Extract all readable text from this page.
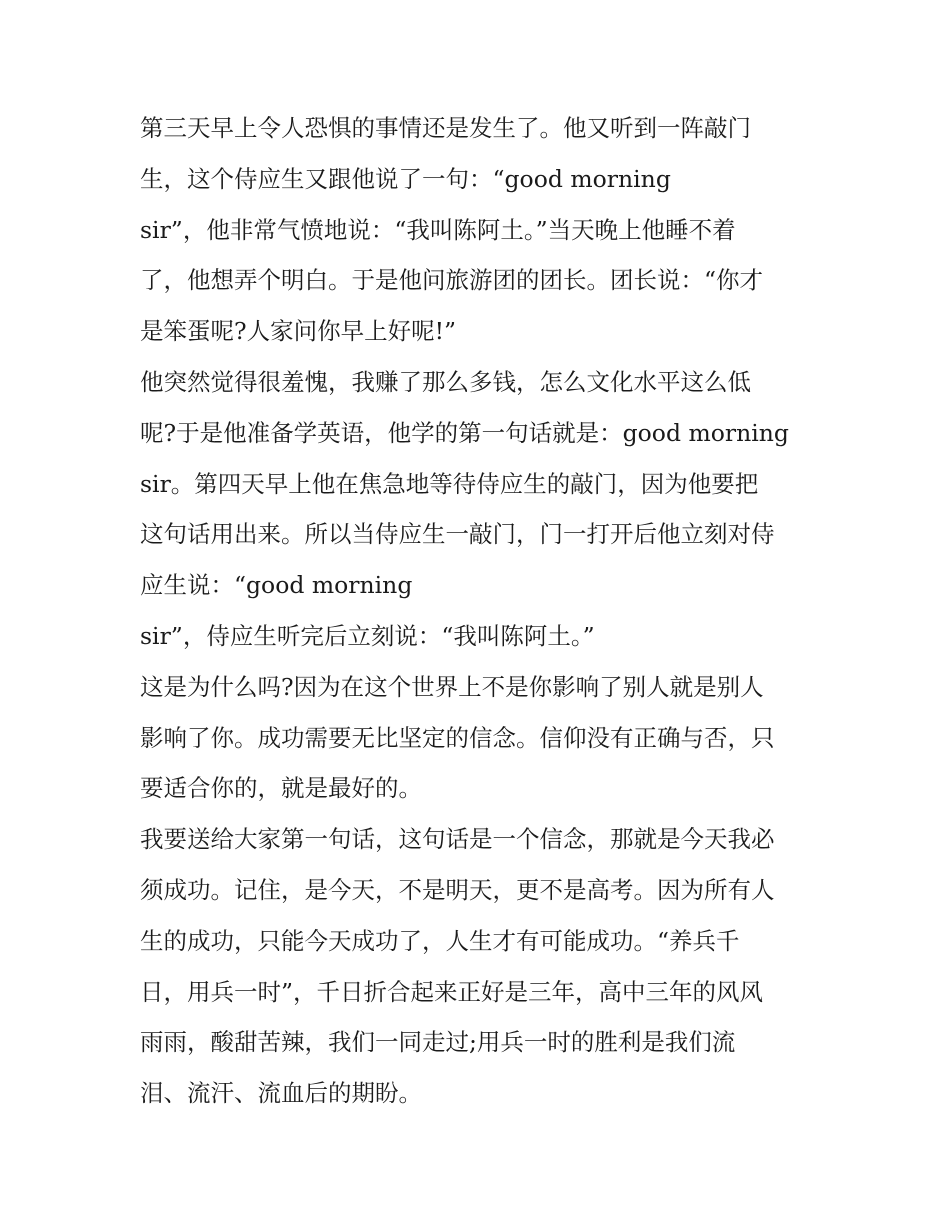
第三天早上令人恐惧的事情还是发生了。他又听到一阵敲门
生，这个侍应生又跟他说了一句：“good morning
sir”，他非常气愤地说：“我叫陈阿土。”当天晚上他睡不着
了，他想弄个明白。于是他问旅游团的团长。团长说：“你才
是笨蛋呢?人家问你早上好呢!”
他突然觉得很羞愧，我赚了那么多钱，怎么文化水平这么低
呢?于是他准备学英语，他学的第一句话就是：good morning
sir。第四天早上他在焦急地等待侍应生的敲门，因为他要把
这句话用出来。所以当侍应生一敲门，门一打开后他立刻对侍
应生说：“good morning
sir”，侍应生听完后立刻说：“我叫陈阿土。”
这是为什么吗?因为在这个世界上不是你影响了别人就是别人
影响了你。成功需要无比坚定的信念。信仰没有正确与否，只
要适合你的，就是最好的。
我要送给大家第一句话，这句话是一个信念，那就是今天我必
须成功。记住，是今天，不是明天，更不是高考。因为所有人
生的成功，只能今天成功了，人生才有可能成功。“养兵千
日，用兵一时”，千日折合起来正好是三年，高中三年的风风
雨雨，酸甜苦辣，我们一同走过;用兵一时的胜利是我们流
泪、流汗、流血后的期盼。
